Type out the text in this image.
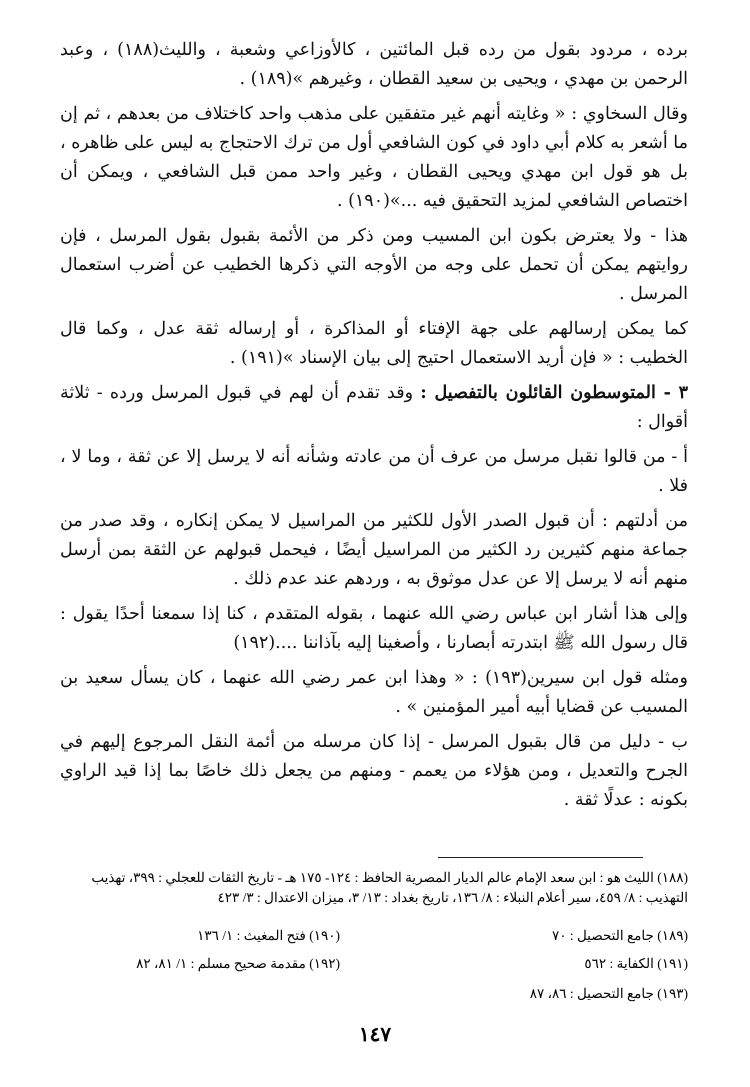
برده ، مردود بقول من رده قبل المائتين ، كالأوزاعي وشعبة ، والليث(١٨٨) ، وعبد الرحمن بن مهدي ، ويحيى بن سعيد القطان ، وغيرهم »(١٨٩) .

وقال السخاوي : « وغايته أنهم غير متفقين على مذهب واحد كاختلاف من بعدهم ، ثم إن ما أشعر به كلام أبي داود في كون الشافعي أول من ترك الاحتجاج به ليس على ظاهره ، بل هو قول ابن مهدي ويحيى القطان ، وغير واحد ممن قبل الشافعي ، ويمكن أن اختصاص الشافعي لمزيد التحقيق فيه ...»(١٩٠) .

هذا - ولا يعترض بكون ابن المسيب ومن ذكر من الأئمة بقبول بقول المرسل ، فإن روايتهم يمكن أن تحمل على وجه من الأوجه التي ذكرها الخطيب عن أضرب استعمال المرسل .

كما يمكن إرسالهم على جهة الإفتاء أو المذاكرة ، أو إرساله ثقة عدل ، وكما قال الخطيب : « فإن أريد الاستعمال احتيج إلى بيان الإسناد »(١٩١) .

٣ - المتوسطون القائلون بالتفصيل : وقد تقدم أن لهم في قبول المرسل ورده - ثلاثة أقوال :

أ - من قالوا نقبل مرسل من عرف أن من عادته وشأنه أنه لا يرسل إلا عن ثقة ، وما لا ، فلا .

من أدلتهم : أن قبول الصدر الأول للكثير من المراسيل لا يمكن إنكاره ، وقد صدر من جماعة منهم كثيرين رد الكثير من المراسيل أيضًا ، فيحمل قبولهم عن الثقة بمن أرسل منهم أنه لا يرسل إلا عن عدل موثوق به ، وردهم عند عدم ذلك .

وإلى هذا أشار ابن عباس رضي الله عنهما ، بقوله المتقدم ، كنا إذا سمعنا أحدًا يقول : قال رسول الله ﷺ ابتدرته أبصارنا ، وأصغينا إليه بآذاننا ....(١٩٢)

ومثله قول ابن سيرين(١٩٣) : « وهذا ابن عمر رضي الله عنهما ، كان يسأل سعيد بن المسيب عن قضايا أبيه أمير المؤمنين » .

ب - دليل من قال بقبول المرسل - إذا كان مرسله من أئمة النقل المرجوع إليهم في الجرح والتعديل ، ومن هؤلاء من يعمم - ومنهم من يجعل ذلك خاصًا بما إذا قيد الراوي بكونه : عدلًا ثقة .

(١٨٨) الليث هو : ابن سعد الإمام عالم الديار المصرية الحافظ : ١٢٤- ١٧٥ هـ - تاريخ الثقات للعجلي : ٣٩٩، تهذيب التهذيب : ٨/ ٤٥٩، سير أعلام النبلاء : ٨/ ١٣٦، تاريخ بغداد : ١٣/ ٣، ميزان الاعتدال : ٣/ ٤٢٣
(١٨٩) جامع التحصيل : ٧٠
(١٩٠) فتح المغيث : ١/ ١٣٦
(١٩١) الكفاية : ٥٦٢
(١٩٢) مقدمة صحيح مسلم : ١/ ٨١، ٨٢
(١٩٣) جامع التحصيل : ٨٦، ٨٧
١٤٧
